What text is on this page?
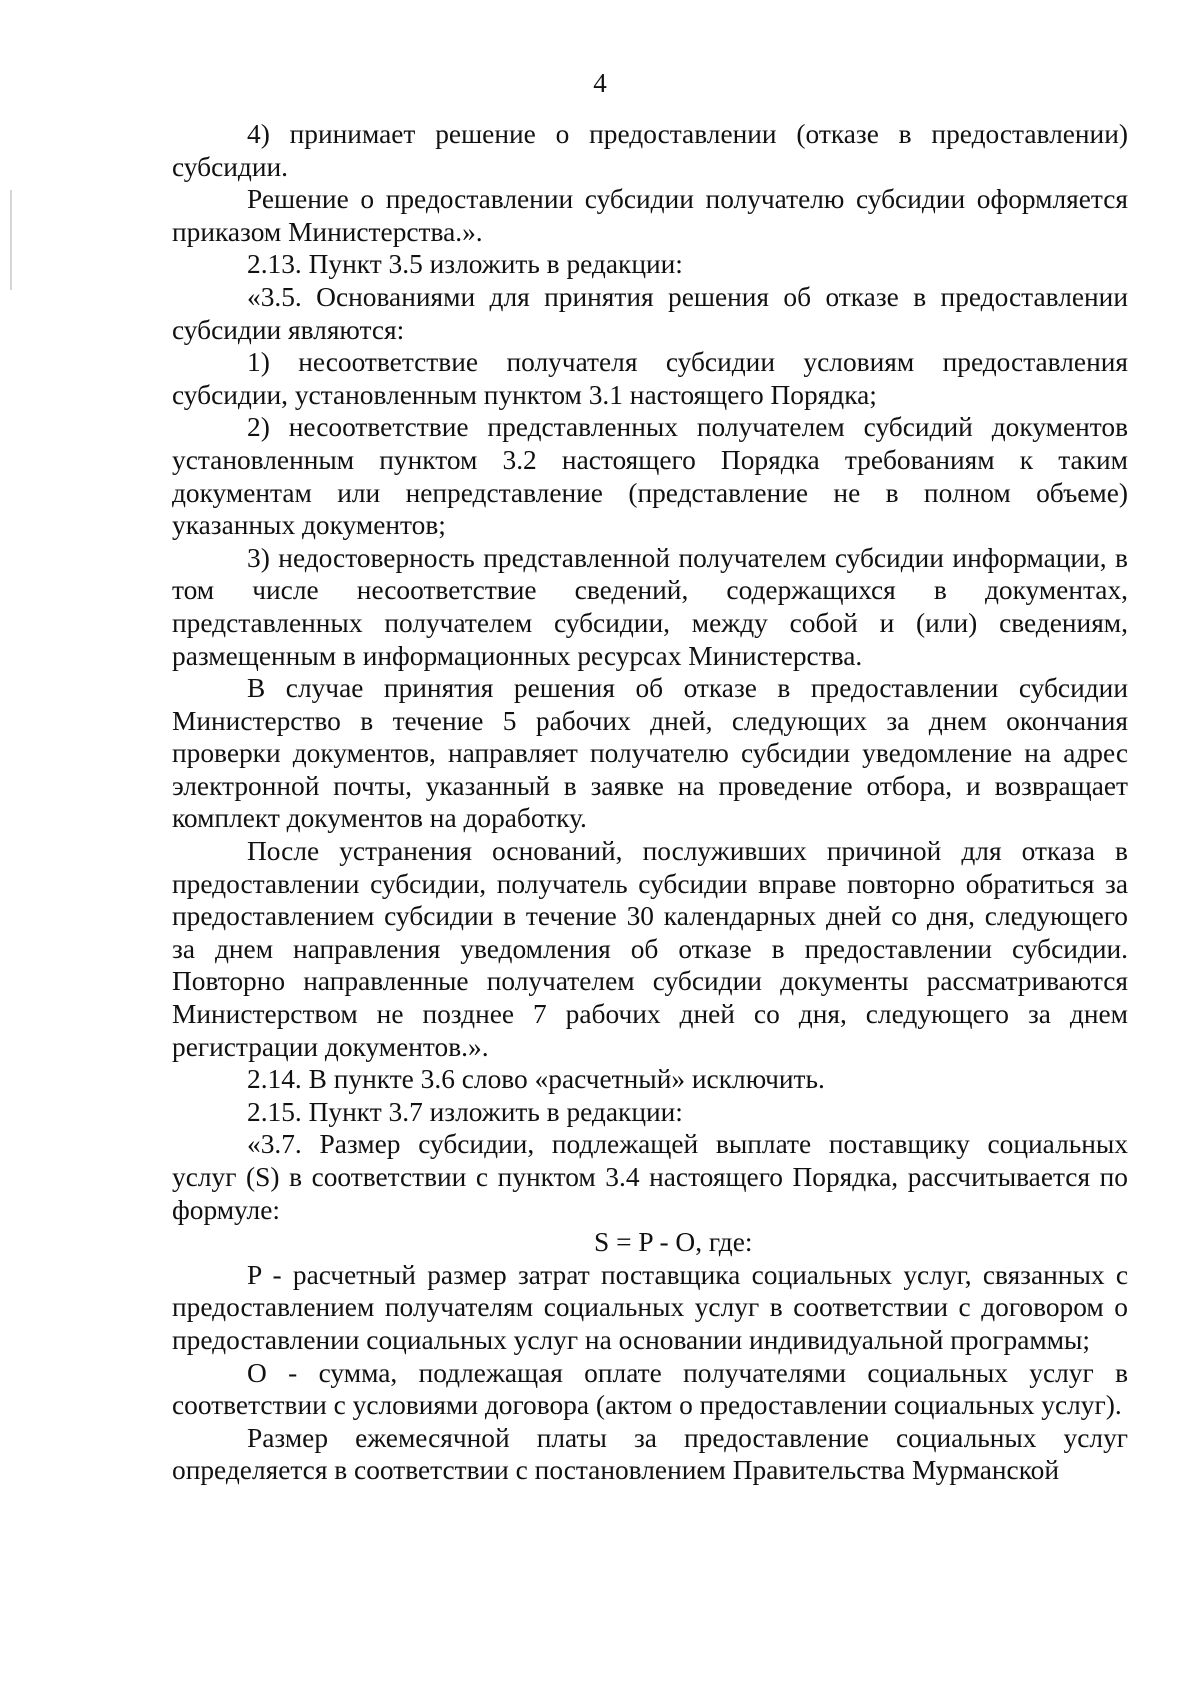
4

4) принимает решение о предоставлении (отказе в предоставлении) субсидии.

Решение о предоставлении субсидии получателю субсидии оформляется приказом Министерства.».

2.13. Пункт 3.5 изложить в редакции:

«3.5. Основаниями для принятия решения об отказе в предоставлении субсидии являются:

1) несоответствие получателя субсидии условиям предоставления субсидии, установленным пунктом 3.1 настоящего Порядка;

2) несоответствие представленных получателем субсидий документов установленным пунктом 3.2 настоящего Порядка требованиям к таким документам или непредставление (представление не в полном объеме) указанных документов;

3) недостоверность представленной получателем субсидии информации, в том числе несоответствие сведений, содержащихся в документах, представленных получателем субсидии, между собой и (или) сведениям, размещенным в информационных ресурсах Министерства.

В случае принятия решения об отказе в предоставлении субсидии Министерство в течение 5 рабочих дней, следующих за днем окончания проверки документов, направляет получателю субсидии уведомление на адрес электронной почты, указанный в заявке на проведение отбора, и возвращает комплект документов на доработку.

После устранения оснований, послуживших причиной для отказа в предоставлении субсидии, получатель субсидии вправе повторно обратиться за предоставлением субсидии в течение 30 календарных дней со дня, следующего за днем направления уведомления об отказе в предоставлении субсидии. Повторно направленные получателем субсидии документы рассматриваются Министерством не позднее 7 рабочих дней со дня, следующего за днем регистрации документов.».

2.14. В пункте 3.6 слово «расчетный» исключить.

2.15. Пункт 3.7 изложить в редакции:

«3.7. Размер субсидии, подлежащей выплате поставщику социальных услуг (S) в соответствии с пунктом 3.4 настоящего Порядка, рассчитывается по формуле:

S = P - O, где:

P - расчетный размер затрат поставщика социальных услуг, связанных с предоставлением получателям социальных услуг в соответствии с договором о предоставлении социальных услуг на основании индивидуальной программы;

O - сумма, подлежащая оплате получателями социальных услуг в соответствии с условиями договора (актом о предоставлении социальных услуг).

Размер ежемесячной платы за предоставление социальных услуг определяется в соответствии с постановлением Правительства Мурманской
